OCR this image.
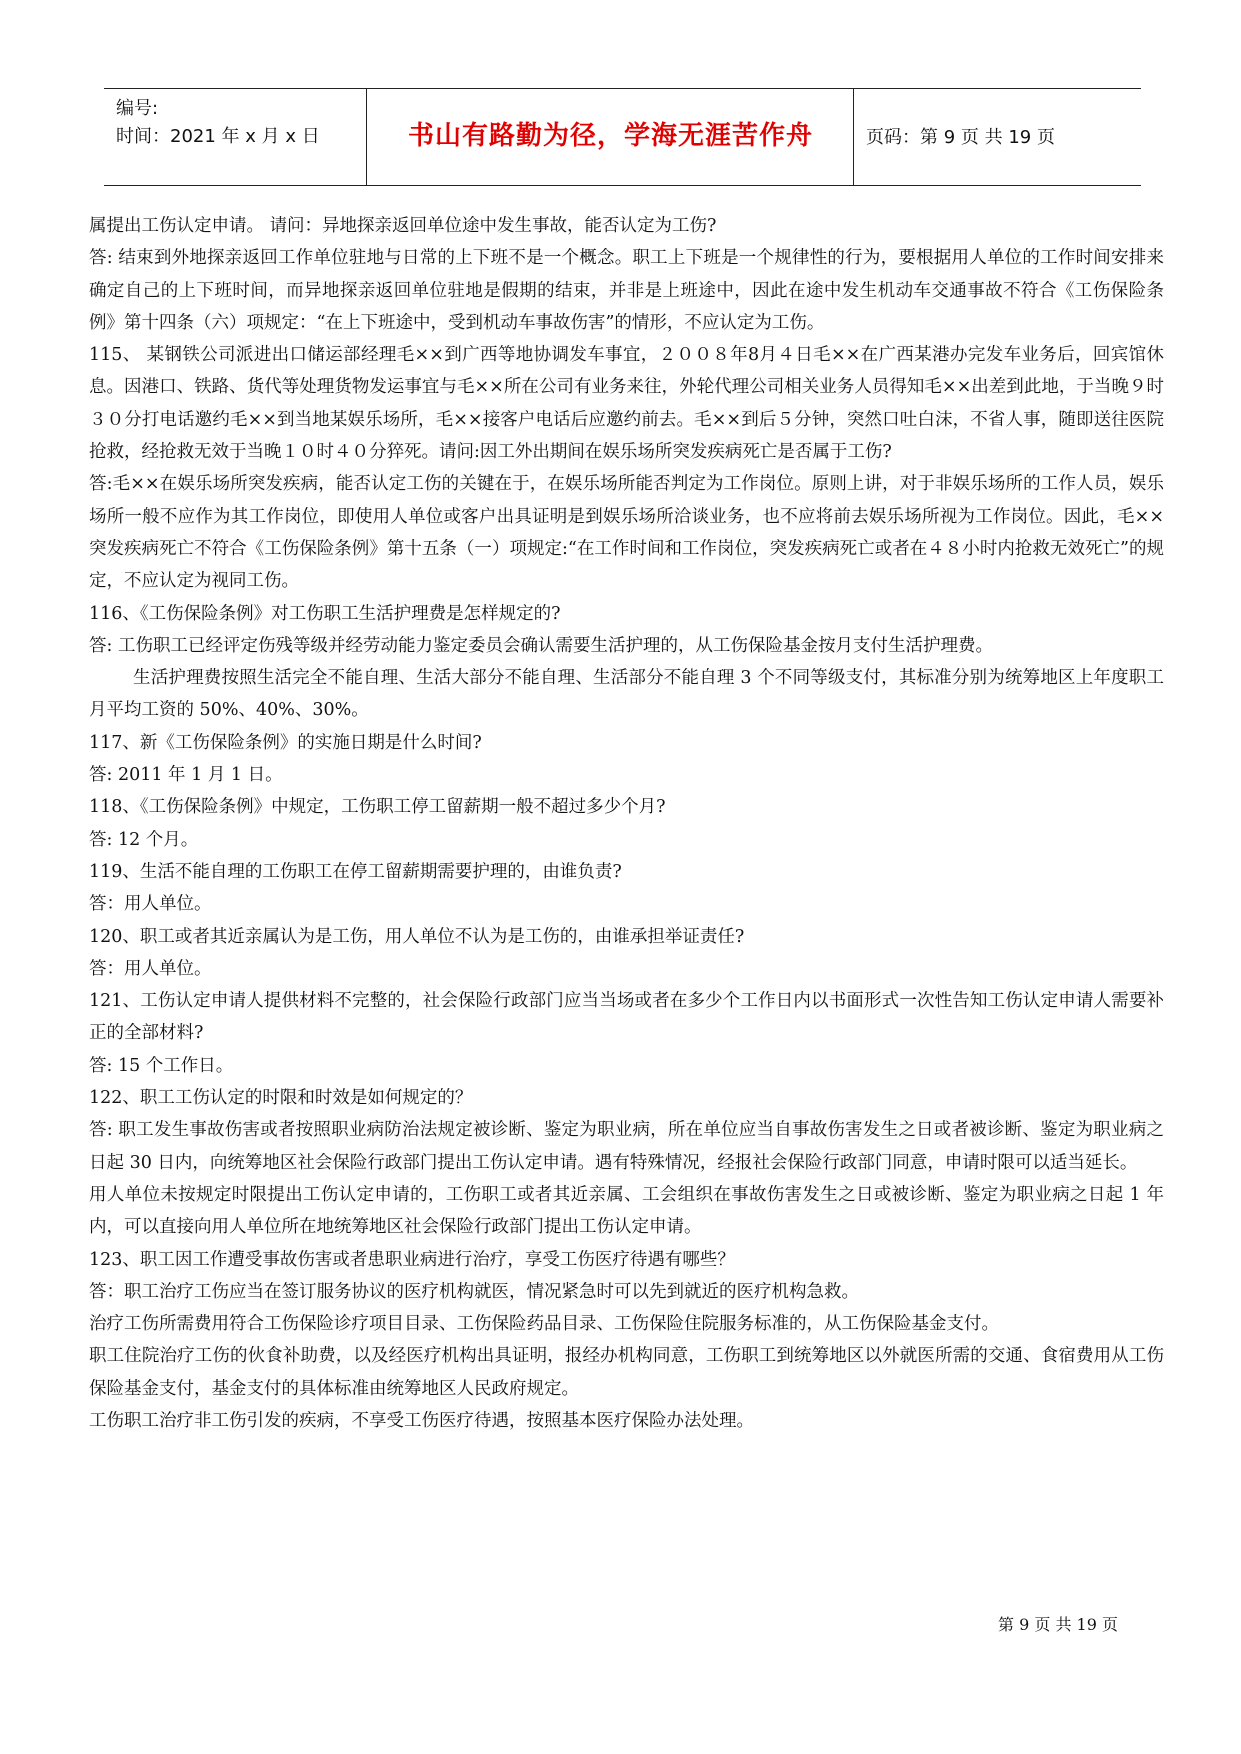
编号:
时间：2021 年 x 月 x 日	书山有路勤为径，学海无涯苦作舟	页码：第 9 页 共 19 页

属提出工伤认定申请。 请问：异地探亲返回单位途中发生事故，能否认定为工伤?

答: 结束到外地探亲返回工作单位驻地与日常的上下班不是一个概念。职工上下班是一个规律性的行为，要根据用人单位的工作时间安排来确定自己的上下班时间，而异地探亲返回单位驻地是假期的结束，并非是上班途中，因此在途中发生机动车交通事故不符合《工伤保险条例》第十四条（六）项规定：“在上下班途中，受到机动车事故伤害”的情形，不应认定为工伤。

115、 某钢铁公司派进出口储运部经理毛××到广西等地协调发车事宜，２００８年8月４日毛××在广西某港办完发车业务后，回宾馆休息。因港口、铁路、货代等处理货物发运事宜与毛××所在公司有业务来往，外轮代理公司相关业务人员得知毛××出差到此地，于当晚９时３０分打电话邀约毛××到当地某娱乐场所，毛××接客户电话后应邀约前去。毛××到后５分钟，突然口吐白沫，不省人事，随即送往医院抢救，经抢救无效于当晚１０时４０分猝死。请问:因工外出期间在娱乐场所突发疾病死亡是否属于工伤?

答:毛××在娱乐场所突发疾病，能否认定工伤的关键在于，在娱乐场所能否判定为工作岗位。原则上讲，对于非娱乐场所的工作人员，娱乐场所一般不应作为其工作岗位，即使用人单位或客户出具证明是到娱乐场所洽谈业务，也不应将前去娱乐场所视为工作岗位。因此，毛××突发疾病死亡不符合《工伤保险条例》第十五条（一）项规定:“在工作时间和工作岗位，突发疾病死亡或者在４８小时内抢救无效死亡”的规定，不应认定为视同工伤。

116、《工伤保险条例》对工伤职工生活护理费是怎样规定的?

答: 工伤职工已经评定伤残等级并经劳动能力鉴定委员会确认需要生活护理的，从工伤保险基金按月支付生活护理费。

生活护理费按照生活完全不能自理、生活大部分不能自理、生活部分不能自理 3 个不同等级支付，其标准分别为统筹地区上年度职工月平均工资的 50%、40%、30%。

117、新《工伤保险条例》的实施日期是什么时间?

答: 2011 年 1 月 1 日。

118、《工伤保险条例》中规定，工伤职工停工留薪期一般不超过多少个月?

答: 12 个月。

119、生活不能自理的工伤职工在停工留薪期需要护理的，由谁负责?

答：用人单位。

120、职工或者其近亲属认为是工伤，用人单位不认为是工伤的，由谁承担举证责任?

答：用人单位。

121、工伤认定申请人提供材料不完整的，社会保险行政部门应当当场或者在多少个工作日内以书面形式一次性告知工伤认定申请人需要补正的全部材料?

答: 15 个工作日。

122、职工工伤认定的时限和时效是如何规定的？

答: 职工发生事故伤害或者按照职业病防治法规定被诊断、鉴定为职业病，所在单位应当自事故伤害发生之日或者被诊断、鉴定为职业病之日起 30 日内，向统筹地区社会保险行政部门提出工伤认定申请。遇有特殊情况，经报社会保险行政部门同意，申请时限可以适当延长。

用人单位未按规定时限提出工伤认定申请的，工伤职工或者其近亲属、工会组织在事故伤害发生之日或被诊断、鉴定为职业病之日起 1 年内，可以直接向用人单位所在地统筹地区社会保险行政部门提出工伤认定申请。

123、职工因工作遭受事故伤害或者患职业病进行治疗，享受工伤医疗待遇有哪些？

答：职工治疗工伤应当在签订服务协议的医疗机构就医，情况紧急时可以先到就近的医疗机构急救。

治疗工伤所需费用符合工伤保险诊疗项目目录、工伤保险药品目录、工伤保险住院服务标准的，从工伤保险基金支付。

职工住院治疗工伤的伙食补助费，以及经医疗机构出具证明，报经办机构同意，工伤职工到统筹地区以外就医所需的交通、食宿费用从工伤保险基金支付，基金支付的具体标准由统筹地区人民政府规定。

工伤职工治疗非工伤引发的疾病，不享受工伤医疗待遇，按照基本医疗保险办法处理。

第 9 页 共 19 页
